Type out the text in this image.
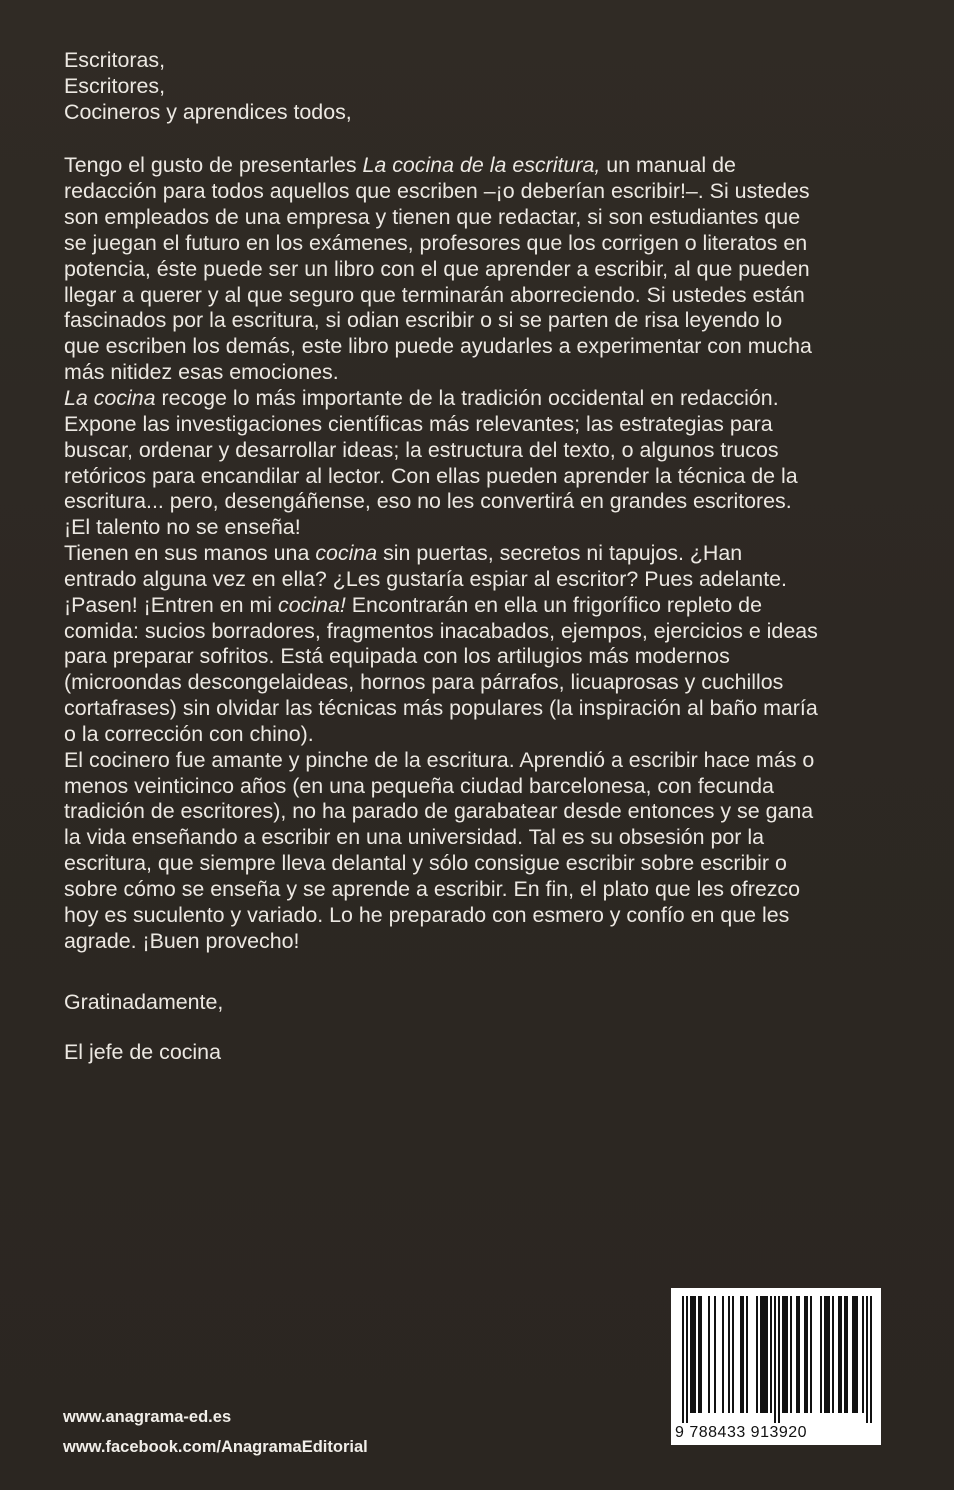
Escritoras,
Escritores,
Cocineros y aprendices todos,
Tengo el gusto de presentarles La cocina de la escritura, un manual de
redacción para todos aquellos que escriben –¡o deberían escribir!–. Si ustedes
son empleados de una empresa y tienen que redactar, si son estudiantes que
se juegan el futuro en los exámenes, profesores que los corrigen o literatos en
potencia, éste puede ser un libro con el que aprender a escribir, al que pueden
llegar a querer y al que seguro que terminarán aborreciendo. Si ustedes están
fascinados por la escritura, si odian escribir o si se parten de risa leyendo lo
que escriben los demás, este libro puede ayudarles a experimentar con mucha
más nitidez esas emociones.
La cocina recoge lo más importante de la tradición occidental en redacción.
Expone las investigaciones científicas más relevantes; las estrategias para
buscar, ordenar y desarrollar ideas; la estructura del texto, o algunos trucos
retóricos para encandilar al lector. Con ellas pueden aprender la técnica de la
escritura... pero, desengáñense, eso no les convertirá en grandes escritores.
¡El talento no se enseña!
Tienen en sus manos una cocina sin puertas, secretos ni tapujos. ¿Han
entrado alguna vez en ella? ¿Les gustaría espiar al escritor? Pues adelante.
¡Pasen! ¡Entren en mi cocina! Encontrarán en ella un frigorífico repleto de
comida: sucios borradores, fragmentos inacabados, ejempos, ejercicios e ideas
para preparar sofritos. Está equipada con los artilugios más modernos
(microondas descongelaideas, hornos para párrafos, licuaprosas y cuchillos
cortafrases) sin olvidar las técnicas más populares (la inspiración al baño maría
o la corrección con chino).
El cocinero fue amante y pinche de la escritura. Aprendió a escribir hace más o
menos veinticinco años (en una pequeña ciudad barcelonesa, con fecunda
tradición de escritores), no ha parado de garabatear desde entonces y se gana
la vida enseñando a escribir en una universidad. Tal es su obsesión por la
escritura, que siempre lleva delantal y sólo consigue escribir sobre escribir o
sobre cómo se enseña y se aprende a escribir. En fin, el plato que les ofrezco
hoy es suculento y variado. Lo he preparado con esmero y confío en que les
agrade. ¡Buen provecho!
Gratinadamente,
El jefe de cocina
9 788433 913920
www.anagrama-ed.es
www.facebook.com/AnagramaEditorial
